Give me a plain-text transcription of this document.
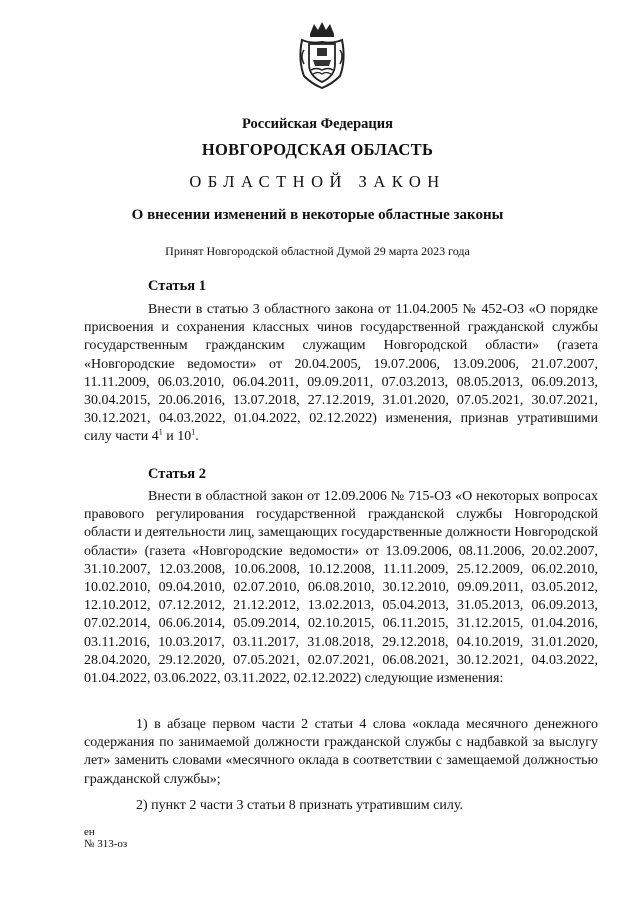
Российская Федерация

НОВГОРОДСКАЯ ОБЛАСТЬ

ОБЛАСТНОЙ ЗАКОН

О внесении изменений в некоторые областные законы

Принят Новгородской областной Думой 29 марта 2023 года

Статья 1

Внести в статью 3 областного закона от 11.04.2005 № 452-ОЗ «О порядке присвоения и сохранения классных чинов государственной гражданской службы государственным гражданским служащим Новгородской области» (газета «Новгородские ведомости» от 20.04.2005, 19.07.2006, 13.09.2006, 21.07.2007, 11.11.2009, 06.03.2010, 06.04.2011, 09.09.2011, 07.03.2013, 08.05.2013, 06.09.2013, 30.04.2015, 20.06.2016, 13.07.2018, 27.12.2019, 31.01.2020, 07.05.2021, 30.07.2021, 30.12.2021, 04.03.2022, 01.04.2022, 02.12.2022) изменения, признав утратившими силу части $4^1$ и $10^1$.

Статья 2

Внести в областной закон от 12.09.2006 № 715-ОЗ «О некоторых вопросах правового регулирования государственной гражданской службы Новгородской области и деятельности лиц, замещающих государственные должности Новгородской области» (газета «Новгородские ведомости» от 13.09.2006, 08.11.2006, 20.02.2007, 31.10.2007, 12.03.2008, 10.06.2008, 10.12.2008, 11.11.2009, 25.12.2009, 06.02.2010, 10.02.2010, 09.04.2010, 02.07.2010, 06.08.2010, 30.12.2010, 09.09.2011, 03.05.2012, 12.10.2012, 07.12.2012, 21.12.2012, 13.02.2013, 05.04.2013, 31.05.2013, 06.09.2013, 07.02.2014, 06.06.2014, 05.09.2014, 02.10.2015, 06.11.2015, 31.12.2015, 01.04.2016, 03.11.2016, 10.03.2017, 03.11.2017, 31.08.2018, 29.12.2018, 04.10.2019, 31.01.2020, 28.04.2020, 29.12.2020, 07.05.2021, 02.07.2021, 06.08.2021, 30.12.2021, 04.03.2022, 01.04.2022, 03.06.2022, 03.11.2022, 02.12.2022) следующие изменения:

1) в абзаце первом части 2 статьи 4 слова «оклада месячного денежного содержания по занимаемой должности гражданской службы с надбавкой за выслугу лет» заменить словами «месячного оклада в соответствии с замещаемой должностью гражданской службы»;

2) пункт 2 части 3 статьи 8 признать утратившим силу.

ен

№ 313-оз
